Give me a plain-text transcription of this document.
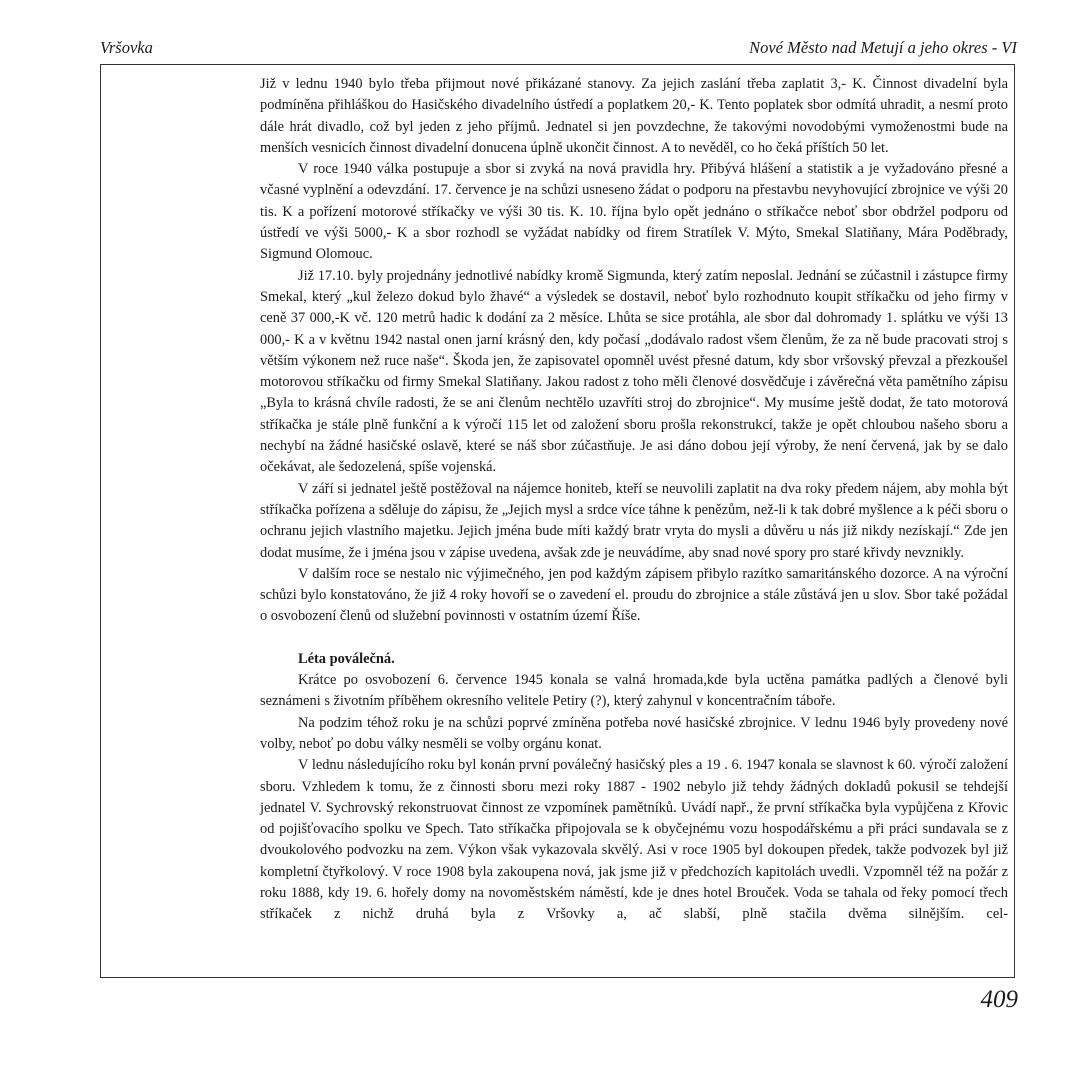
Vršovka	Nové Město nad Metují a jeho okres - VI

Již v lednu 1940 bylo třeba přijmout nové přikázané stanovy. Za jejich zaslání třeba zaplatit 3,- K. Činnost divadelní byla podmíněna přihláškou do Hasičského divadelního ústředí a poplatkem 20,- K. Tento poplatek sbor odmítá uhradit, a nesmí proto dále hrát divadlo, což byl jeden z jeho příjmů. Jednatel si jen povzdechne, že takovými novodobými vymoženostmi bude na menších vesnicích činnost divadelní donucena úplně ukončit činnost. A to nevěděl, co ho čeká příštích 50 let.

V roce 1940 válka postupuje a sbor si zvyká na nová pravidla hry. Přibývá hlášení a statistik a je vyžadováno přesné a včasné vyplnění a odevzdání. 17. července je na schůzi usneseno žádat o podporu na přestavbu nevyhovující zbrojnice ve výši 20 tis. K a pořízení motorové stříkačky ve výši 30 tis. K. 10. října bylo opět jednáno o stříkačce neboť sbor obdržel podporu od ústředí ve výši 5000,- K a sbor rozhodl se vyžádat nabídky od firem Stratílek V. Mýto, Smekal Slatiňany, Mára Poděbrady, Sigmund Olomouc.

Již 17.10. byly projednány jednotlivé nabídky kromě Sigmunda, který zatím neposlal. Jednání se zúčastnil i zástupce firmy Smekal, který „kul železo dokud bylo žhavé“ a výsledek se dostavil, neboť bylo rozhodnuto koupit stříkačku od jeho firmy v ceně 37 000,-K vč. 120 metrů hadic k dodání za 2 měsíce. Lhůta se sice protáhla, ale sbor dal dohromady 1. splátku ve výši 13 000,- K a v květnu 1942 nastal onen jarní krásný den, kdy počasí „dodávalo radost všem členům, že za ně bude pracovati stroj s větším výkonem než ruce naše“. Škoda jen, že zapisovatel opomněl uvést přesné datum, kdy sbor vršovský převzal a přezkoušel motorovou stříkačku od firmy Smekal Slatiňany. Jakou radost z toho měli členové dosvědčuje i závěrečná věta pamětního zápisu „Byla to krásná chvíle radosti, že se ani členům nechtělo uzavříti stroj do zbrojnice“. My musíme ještě dodat, že tato motorová stříkačka je stále plně funkční a k výročí 115 let od založení sboru prošla rekonstrukcí, takže je opět chloubou našeho sboru a nechybí na žádné hasičské oslavě, které se náš sbor zúčastňuje. Je asi dáno dobou její výroby, že není červená, jak by se dalo očekávat, ale šedozelená, spíše vojenská.

V září si jednatel ještě postěžoval na nájemce honiteb, kteří se neuvolili zaplatit na dva roky předem nájem, aby mohla být stříkačka pořízena a sděluje do zápisu, že „Jejich mysl a srdce více táhne k penězům, než-li k tak dobré myšlence a k péči sboru o ochranu jejich vlastního majetku. Jejich jména bude míti každý bratr vryta do mysli a důvěru u nás již nikdy nezískají.“ Zde jen dodat musíme, že i jména jsou v zápise uvedena, avšak zde je neuvádíme, aby snad nové spory pro staré křivdy nevznikly.

V dalším roce se nestalo nic výjimečného, jen pod každým zápisem přibylo razítko samaritánského dozorce. A na výroční schůzi bylo konstatováno, že již 4 roky hovoří se o zavedení el. proudu do zbrojnice a stále zůstává jen u slov. Sbor také požádal o osvobození členů od služební povinnosti v ostatním území Říše.

Léta poválečná.

Krátce po osvobození 6. července 1945 konala se valná hromada,kde byla uctěna památka padlých a členové byli seznámeni s životním příběhem okresního velitele Petiry (?), který zahynul v koncentračním táboře.

Na podzim téhož roku je na schůzi poprvé zmíněna potřeba nové hasičské zbrojnice. V lednu 1946 byly provedeny nové volby, neboť po dobu války nesměli se volby orgánu konat.

V lednu následujícího roku byl konán první poválečný hasičský ples a 19 . 6. 1947 konala se slavnost k 60. výročí založení sboru. Vzhledem k tomu, že z činnosti sboru mezi roky 1887 - 1902 nebylo již tehdy žádných dokladů pokusil se tehdejší jednatel V. Sychrovský rekonstruovat činnost ze vzpomínek pamětníků. Uvádí např., že první stříkačka byla vypůjčena z Křovic od pojišťovacího spolku ve Spech. Tato stříkačka připojovala se k obyčejnému vozu hospodářskému a při práci sundavala se z dvoukolového podvozku na zem. Výkon však vykazovala skvělý. Asi v roce 1905 byl dokoupen předek, takže podvozek byl již kompletní čtyřkolový. V roce 1908 byla zakoupena nová, jak jsme již v předchozích kapitolách uvedli. Vzpomněl též na požár z roku 1888, kdy 19. 6. hořely domy na novoměstském náměstí, kde je dnes hotel Brouček. Voda se tahala od řeky pomocí třech stříkaček z nichž druhá byla z Vršovky a, ač slabší, plně stačila dvěma silnějším. cel-

409
